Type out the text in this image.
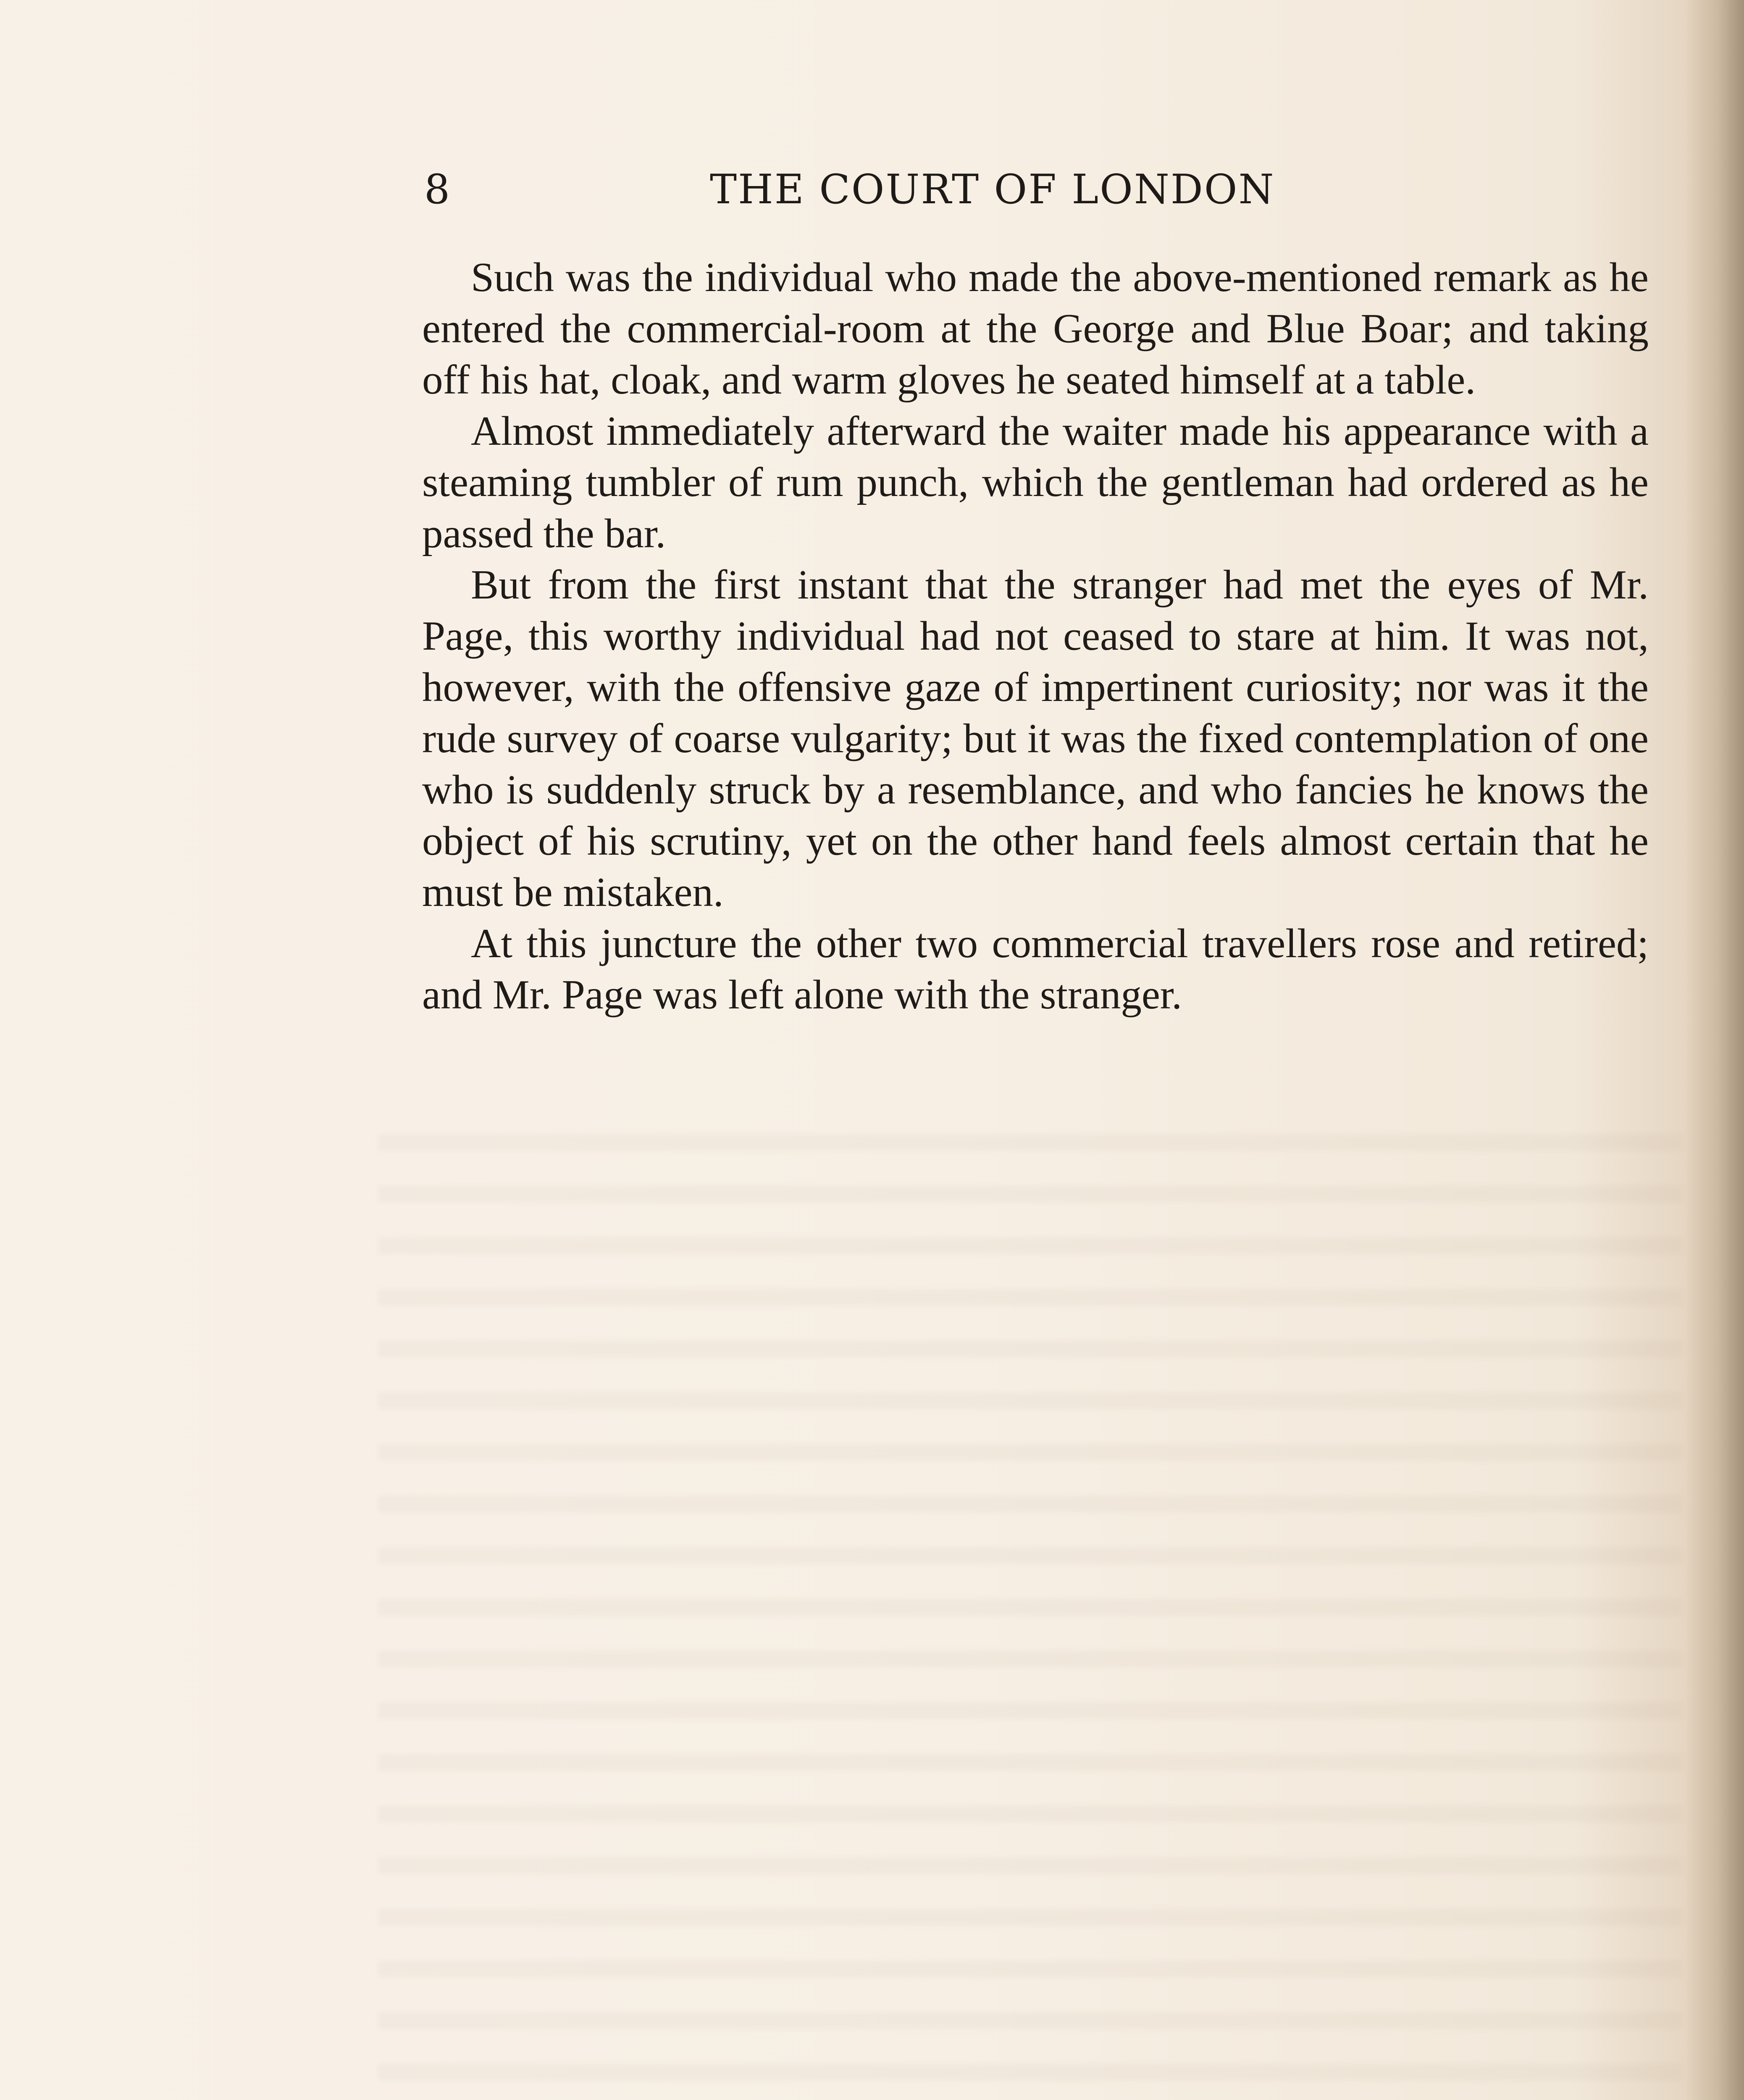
8	THE COURT OF LONDON

Such was the individual who made the above-mentioned remark as he entered the commercial-room at the George and Blue Boar; and taking off his hat, cloak, and warm gloves he seated himself at a table.

Almost immediately afterward the waiter made his appearance with a steaming tumbler of rum punch, which the gentleman had ordered as he passed the bar.

But from the first instant that the stranger had met the eyes of Mr. Page, this worthy individual had not ceased to stare at him. It was not, however, with the offensive gaze of impertinent curiosity; nor was it the rude survey of coarse vulgarity; but it was the fixed contemplation of one who is suddenly struck by a resemblance, and who fancies he knows the object of his scrutiny, yet on the other hand feels almost certain that he must be mistaken.

At this juncture the other two commercial travellers rose and retired; and Mr. Page was left alone with the stranger.
